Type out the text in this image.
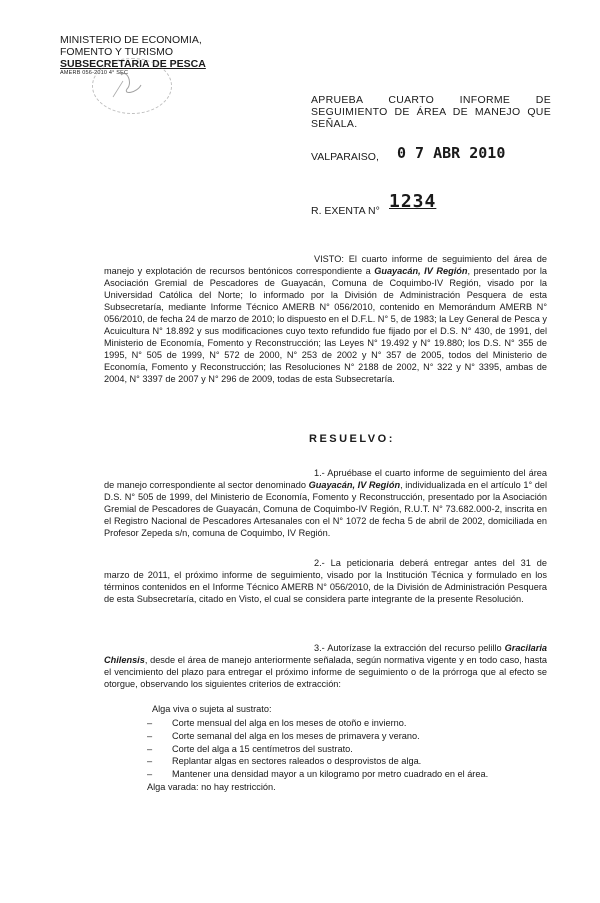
MINISTERIO DE ECONOMIA,
FOMENTO Y TURISMO
SUBSECRETARIA DE PESCA
AMERB 056-2010 4° SEC
APRUEBA CUARTO INFORME DE SEGUIMIENTO DE ÁREA DE MANEJO QUE SEÑALA.
VALPARAISO, 0 7 ABR 2010
R. EXENTA N° 1234
VISTO: El cuarto informe de seguimiento del área de manejo y explotación de recursos bentónicos correspondiente a Guayacán, IV Región, presentado por la Asociación Gremial de Pescadores de Guayacán, Comuna de Coquimbo-IV Región, visado por la Universidad Católica del Norte; lo informado por la División de Administración Pesquera de esta Subsecretaría, mediante Informe Técnico AMERB N° 056/2010, contenido en Memorándum AMERB N° 056/2010, de fecha 24 de marzo de 2010; lo dispuesto en el D.F.L. N° 5, de 1983; la Ley General de Pesca y Acuicultura N° 18.892 y sus modificaciones cuyo texto refundido fue fijado por el D.S. N° 430, de 1991, del Ministerio de Economía, Fomento y Reconstrucción; las Leyes N° 19.492 y N° 19.880; los D.S. N° 355 de 1995, N° 505 de 1999, N° 572 de 2000, N° 253 de 2002 y N° 357 de 2005, todos del Ministerio de Economía, Fomento y Reconstrucción; las Resoluciones N° 2188 de 2002, N° 322 y N° 3395, ambas de 2004, N° 3397 de 2007 y N° 296 de 2009, todas de esta Subsecretaría.
RESUELVO:
1.- Apruébase el cuarto informe de seguimiento del área de manejo correspondiente al sector denominado Guayacán, IV Región, individualizada en el artículo 1° del D.S. N° 505 de 1999, del Ministerio de Economía, Fomento y Reconstrucción, presentado por la Asociación Gremial de Pescadores de Guayacán, Comuna de Coquimbo-IV Región, R.U.T. N° 73.682.000-2, inscrita en el Registro Nacional de Pescadores Artesanales con el N° 1072 de fecha 5 de abril de 2002, domiciliada en Profesor Zepeda s/n, comuna de Coquimbo, IV Región.
2.- La peticionaria deberá entregar antes del 31 de marzo de 2011, el próximo informe de seguimiento, visado por la Institución Técnica y formulado en los términos contenidos en el Informe Técnico AMERB N° 056/2010, de la División de Administración Pesquera de esta Subsecretaría, citado en Visto, el cual se considera parte integrante de la presente Resolución.
3.- Autorízase la extracción del recurso pelillo Gracilaria Chilensis, desde el área de manejo anteriormente señalada, según normativa vigente y en todo caso, hasta el vencimiento del plazo para entregar el próximo informe de seguimiento o de la prórroga que al efecto se otorgue, observando los siguientes criterios de extracción:
Alga viva o sujeta al sustrato:
– Corte mensual del alga en los meses de otoño e invierno.
– Corte semanal del alga en los meses de primavera y verano.
– Corte del alga a 15 centímetros del sustrato.
– Replantar algas en sectores raleados o desprovistos de alga.
– Mantener una densidad mayor a un kilogramo por metro cuadrado en el área.
Alga varada: no hay restricción.
